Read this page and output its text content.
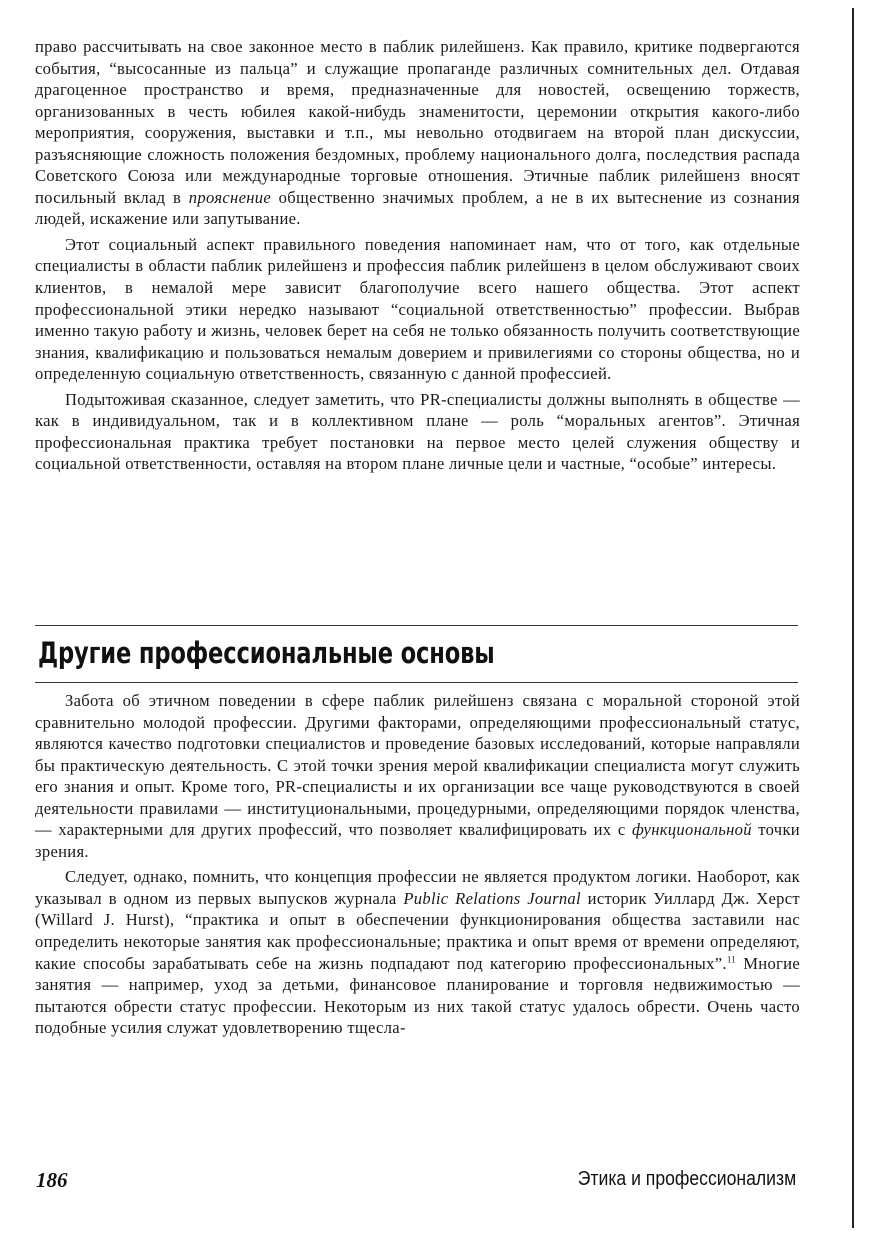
право рассчитывать на свое законное место в паблик рилейшенз. Как правило, критике подвергаются события, “высосанные из пальца” и служащие пропаганде различных сомнительных дел. Отдавая драгоценное пространство и время, предназначенные для новостей, освещению торжеств, организованных в честь юбилея какой-нибудь знаменитости, церемонии открытия какого-либо мероприятия, сооружения, выставки и т.п., мы невольно отодвигаем на второй план дискуссии, разъясняющие сложность положения бездомных, проблему национального долга, последствия распада Советского Союза или международные торговые отношения. Этичные паблик рилейшенз вносят посильный вклад в прояснение общественно значимых проблем, а не в их вытеснение из сознания людей, искажение или запутывание.

Этот социальный аспект правильного поведения напоминает нам, что от того, как отдельные специалисты в области паблик рилейшенз и профессия паблик рилейшенз в целом обслуживают своих клиентов, в немалой мере зависит благополучие всего нашего общества. Этот аспект профессиональной этики нередко называют “социальной ответственностью” профессии. Выбрав именно такую работу и жизнь, человек берет на себя не только обязанность получить соответствующие знания, квалификацию и пользоваться немалым доверием и привилегиями со стороны общества, но и определенную социальную ответственность, связанную с данной профессией.

Подытоживая сказанное, следует заметить, что PR-специалисты должны выполнять в обществе — как в индивидуальном, так и в коллективном плане — роль “моральных агентов”. Этичная профессиональная практика требует постановки на первое место целей служения обществу и социальной ответственности, оставляя на втором плане личные цели и частные, “особые” интересы.

Другие профессиональные основы

Забота об этичном поведении в сфере паблик рилейшенз связана с моральной стороной этой сравнительно молодой профессии. Другими факторами, определяющими профессиональный статус, являются качество подготовки специалистов и проведение базовых исследований, которые направляли бы практическую деятельность. С этой точки зрения мерой квалификации специалиста могут служить его знания и опыт. Кроме того, PR-специалисты и их организации все чаще руководствуются в своей деятельности правилами — институциональными, процедурными, определяющими порядок членства, — характерными для других профессий, что позволяет квалифицировать их с функциональной точки зрения.

Следует, однако, помнить, что концепция профессии не является продуктом логики. Наоборот, как указывал в одном из первых выпусков журнала Public Relations Journal историк Уиллард Дж. Херст (Willard J. Hurst), “практика и опыт в обеспечении функционирования общества заставили нас определить некоторые занятия как профессиональные; практика и опыт время от времени определяют, какие способы зарабатывать себе на жизнь подпадают под категорию профессиональных”.$^{11}$ Многие занятия — например, уход за детьми, финансовое планирование и торговля недвижимостью — пытаются обрести статус профессии. Некоторым из них такой статус удалось обрести. Очень часто подобные усилия служат удовлетворению тщесла-

186	Этика и профессионализм
